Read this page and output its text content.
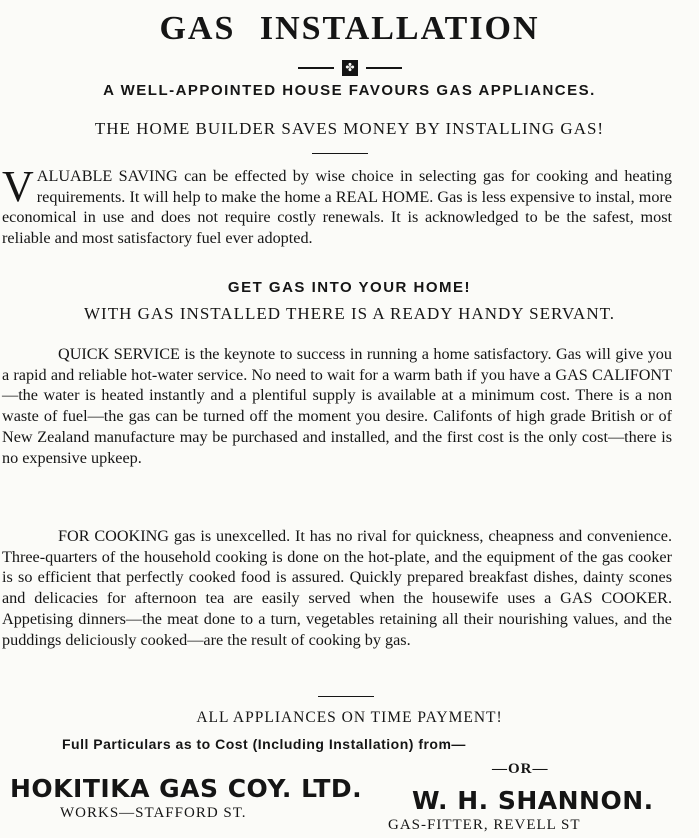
GAS INSTALLATION
✤
A WELL-APPOINTED HOUSE FAVOURS GAS APPLIANCES.
THE HOME BUILDER SAVES MONEY BY INSTALLING GAS!

VALUABLE SAVING can be effected by wise choice in selecting gas for cooking and heating requirements. It will help to make the home a REAL HOME. Gas is less expensive to instal, more economical in use and does not require costly renewals. It is acknowledged to be the safest, most reliable and most satisfactory fuel ever adopted.

GET GAS INTO YOUR HOME!
WITH GAS INSTALLED THERE IS A READY HANDY SERVANT.

QUICK SERVICE is the keynote to success in running a home satisfactory. Gas will give you a rapid and reliable hot-water service. No need to wait for a warm bath if you have a GAS CALIFONT—the water is heated instantly and a plentiful supply is available at a minimum cost. There is a non waste of fuel—the gas can be turned off the moment you desire. Califonts of high grade British or of New Zealand manufacture may be purchased and installed, and the first cost is the only cost—there is no expensive upkeep.

FOR COOKING gas is unexcelled. It has no rival for quickness, cheapness and convenience. Three-quarters of the household cooking is done on the hot-plate, and the equipment of the gas cooker is so efficient that perfectly cooked food is assured. Quickly prepared breakfast dishes, dainty scones and delicacies for afternoon tea are easily served when the housewife uses a GAS COOKER. Appetising dinners—the meat done to a turn, vegetables retaining all their nourishing values, and the puddings deliciously cooked—are the result of cooking by gas.

ALL APPLIANCES ON TIME PAYMENT!
Full Particulars as to Cost (Including Installation) from—
—OR—
HOKITIKA GAS COY. LTD.
WORKS—STAFFORD ST.	W. H. SHANNON.
GAS-FITTER, REVELL ST
